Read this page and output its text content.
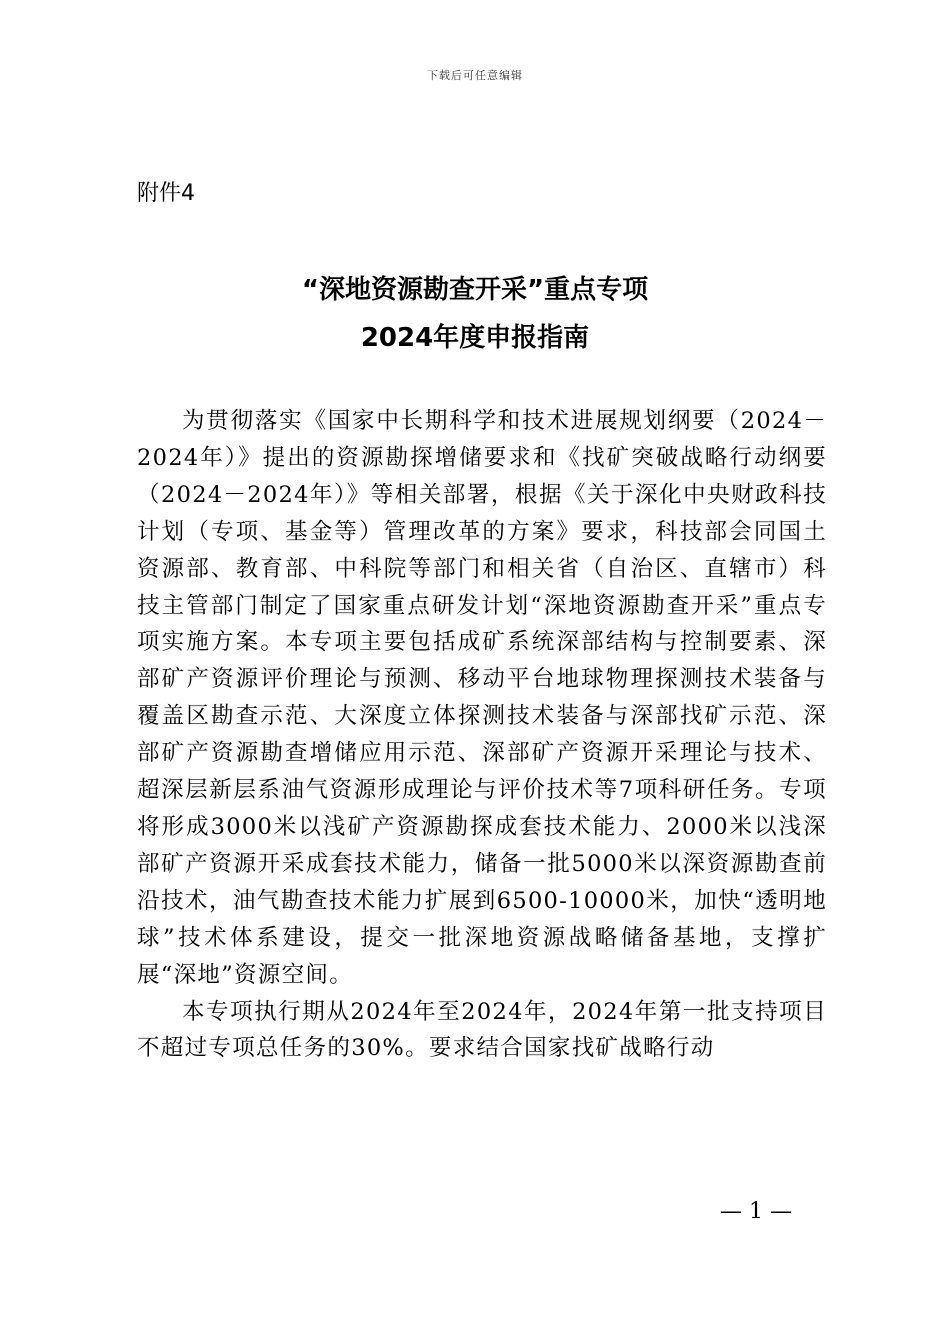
下载后可任意编辑
附件4
“深地资源勘查开采”重点专项
2024年度申报指南

为贯彻落实《国家中长期科学和技术进展规划纲要（2024－2024年）》提出的资源勘探增储要求和《找矿突破战略行动纲要（2024－2024年）》等相关部署，根据《关于深化中央财政科技计划（专项、基金等）管理改革的方案》要求，科技部会同国土资源部、教育部、中科院等部门和相关省（自治区、直辖市）科技主管部门制定了国家重点研发计划“深地资源勘查开采”重点专项实施方案。本专项主要包括成矿系统深部结构与控制要素、深部矿产资源评价理论与预测、移动平台地球物理探测技术装备与覆盖区勘查示范、大深度立体探测技术装备与深部找矿示范、深部矿产资源勘查增储应用示范、深部矿产资源开采理论与技术、超深层新层系油气资源形成理论与评价技术等7项科研任务。专项将形成3000米以浅矿产资源勘探成套技术能力、2000米以浅深部矿产资源开采成套技术能力，储备一批5000米以深资源勘查前沿技术，油气勘查技术能力扩展到6500-10000米，加快“透明地球”技术体系建设，提交一批深地资源战略储备基地，支撑扩展“深地”资源空间。

本专项执行期从2024年至2024年，2024年第一批支持项目不超过专项总任务的30%。要求结合国家找矿战略行动

— 1 —
